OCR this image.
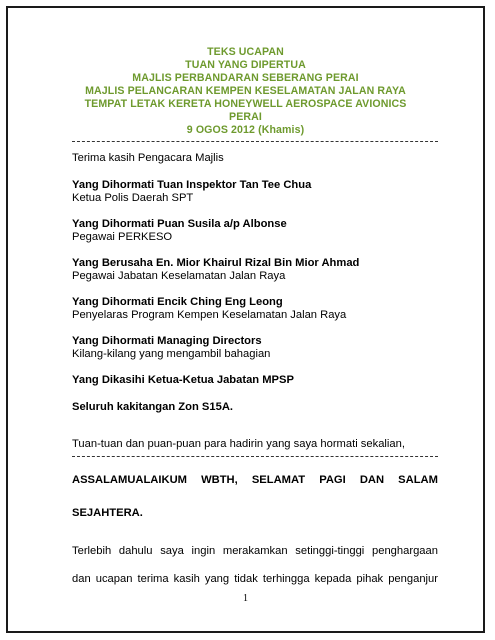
TEKS UCAPAN
TUAN YANG DIPERTUA
MAJLIS PERBANDARAN SEBERANG PERAI
MAJLIS PELANCARAN KEMPEN KESELAMATAN JALAN RAYA
TEMPAT LETAK KERETA HONEYWELL AEROSPACE AVIONICS
PERAI
9 OGOS 2012 (Khamis)
Terima kasih Pengacara Majlis
Yang Dihormati Tuan Inspektor Tan Tee Chua
Ketua Polis Daerah SPT
Yang Dihormati Puan Susila a/p Albonse
Pegawai PERKESO
Yang Berusaha En. Mior Khairul Rizal Bin Mior Ahmad
Pegawai Jabatan Keselamatan Jalan Raya
Yang Dihormati Encik Ching Eng Leong
Penyelaras Program Kempen Keselamatan Jalan Raya
Yang Dihormati Managing Directors
Kilang-kilang yang mengambil bahagian
Yang Dikasihi Ketua-Ketua Jabatan MPSP
Seluruh kakitangan Zon S15A.
Tuan-tuan dan puan-puan para hadirin yang saya hormati sekalian,
ASSALAMUALAIKUM WBTH, SELAMAT PAGI DAN SALAM
SEJAHTERA.
Terlebih dahulu saya ingin merakamkan setinggi-tinggi penghargaan
dan ucapan terima kasih yang tidak terhingga kepada pihak penganjur
1
